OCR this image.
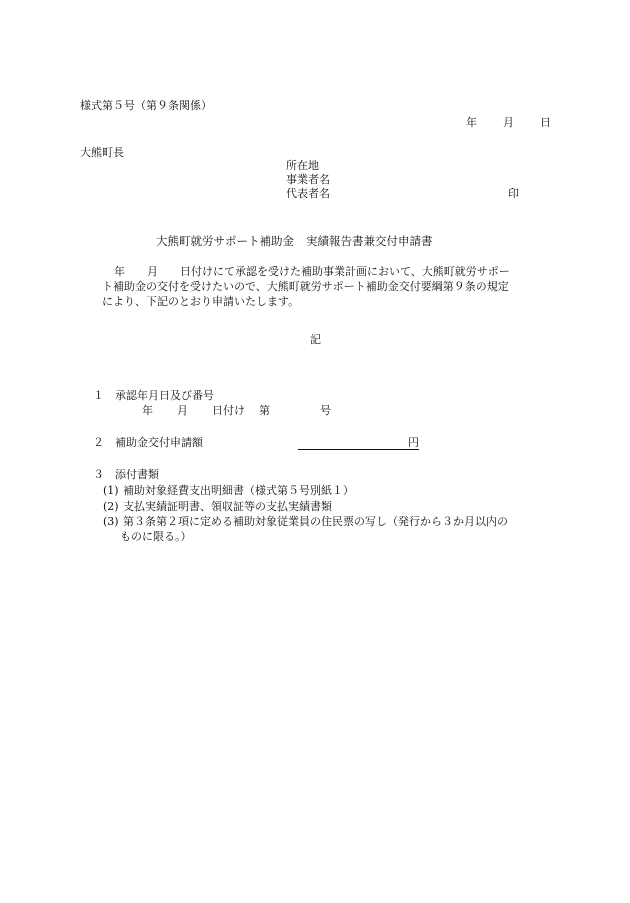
様式第５号（第９条関係）
年 月 日
大熊町長
所在地
事業者名
代表者名	印
大熊町就労サポート補助金 実績報告書兼交付申請書

年 月 日付けにて承認を受けた補助事業計画において、大熊町就労サポー

ト補助金の交付を受けたいので、大熊町就労サポート補助金交付要綱第９条の規定

により、下記のとおり申請いたします。

記
１ 承認年月日及び番号
年 月 日付け 第	号
２ 補助金交付申請額	円
３ 添付書類
(1) 補助対象経費支出明細書（様式第５号別紙１）
(2) 支払実績証明書、領収証等の支払実績書類
(3) 第３条第２項に定める補助対象従業員の住民票の写し（発行から３か月以内の
ものに限る。）
